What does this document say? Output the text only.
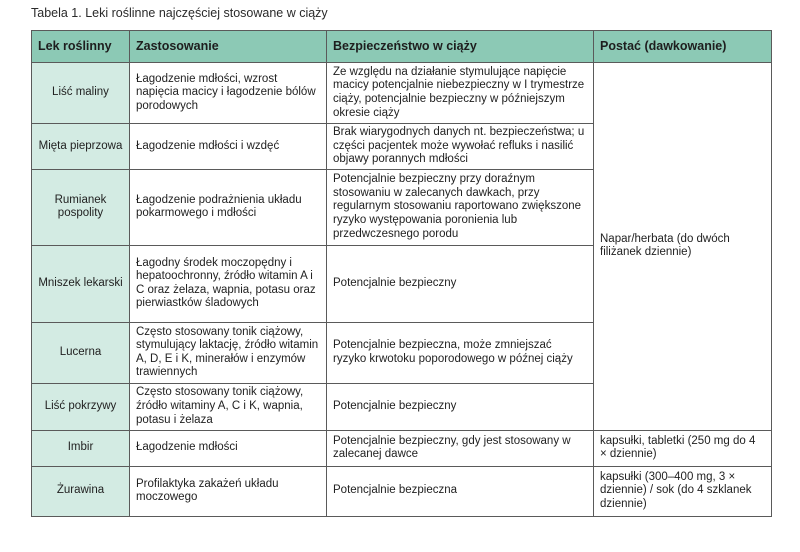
Tabela 1. Leki roślinne najczęściej stosowane w ciąży
Lek roślinny	Zastosowanie	Bezpieczeństwo w ciąży	Postać (dawkowanie)
Liść maliny	Łagodzenie mdłości, wzrost napięcia macicy i łagodzenie bólów porodowych	Ze względu na działanie stymulujące napięcie macicy potencjalnie niebezpieczny w I trymestrze ciąży, potencjalnie bezpieczny w późniejszym okresie ciąży	Napar/herbata (do dwóch filiżanek dziennie)
Mięta pieprzowa	Łagodzenie mdłości i wzdęć	Brak wiarygodnych danych nt. bezpieczeństwa; u części pacjentek może wywołać refluks i nasilić objawy porannych mdłości	
Rumianek pospolity	Łagodzenie podrażnienia układu pokarmowego i mdłości	Potencjalnie bezpieczny przy doraźnym stosowaniu w zalecanych dawkach, przy regularnym stosowaniu raportowano zwiększone ryzyko występowania poronienia lub przedwczesnego porodu	
Mniszek lekarski	Łagodny środek moczopędny i hepatoochronny, źródło witamin A i C oraz żelaza, wapnia, potasu oraz pierwiastków śladowych	Potencjalnie bezpieczny	
Lucerna	Często stosowany tonik ciążowy, stymulujący laktację, źródło witamin A, D, E i K, minerałów i enzymów trawiennych	Potencjalnie bezpieczna, może zmniejszać ryzyko krwotoku poporodowego w późnej ciąży	
Liść pokrzywy	Często stosowany tonik ciążowy, źródło witaminy A, C i K, wapnia, potasu i żelaza	Potencjalnie bezpieczny	
Imbir	Łagodzenie mdłości	Potencjalnie bezpieczny, gdy jest stosowany w zalecanej dawce	kapsułki, tabletki (250 mg do 4 × dziennie)
Żurawina	Profilaktyka zakażeń układu moczowego	Potencjalnie bezpieczna	kapsułki (300–400 mg, 3 × dziennie) / sok (do 4 szklanek dziennie)
